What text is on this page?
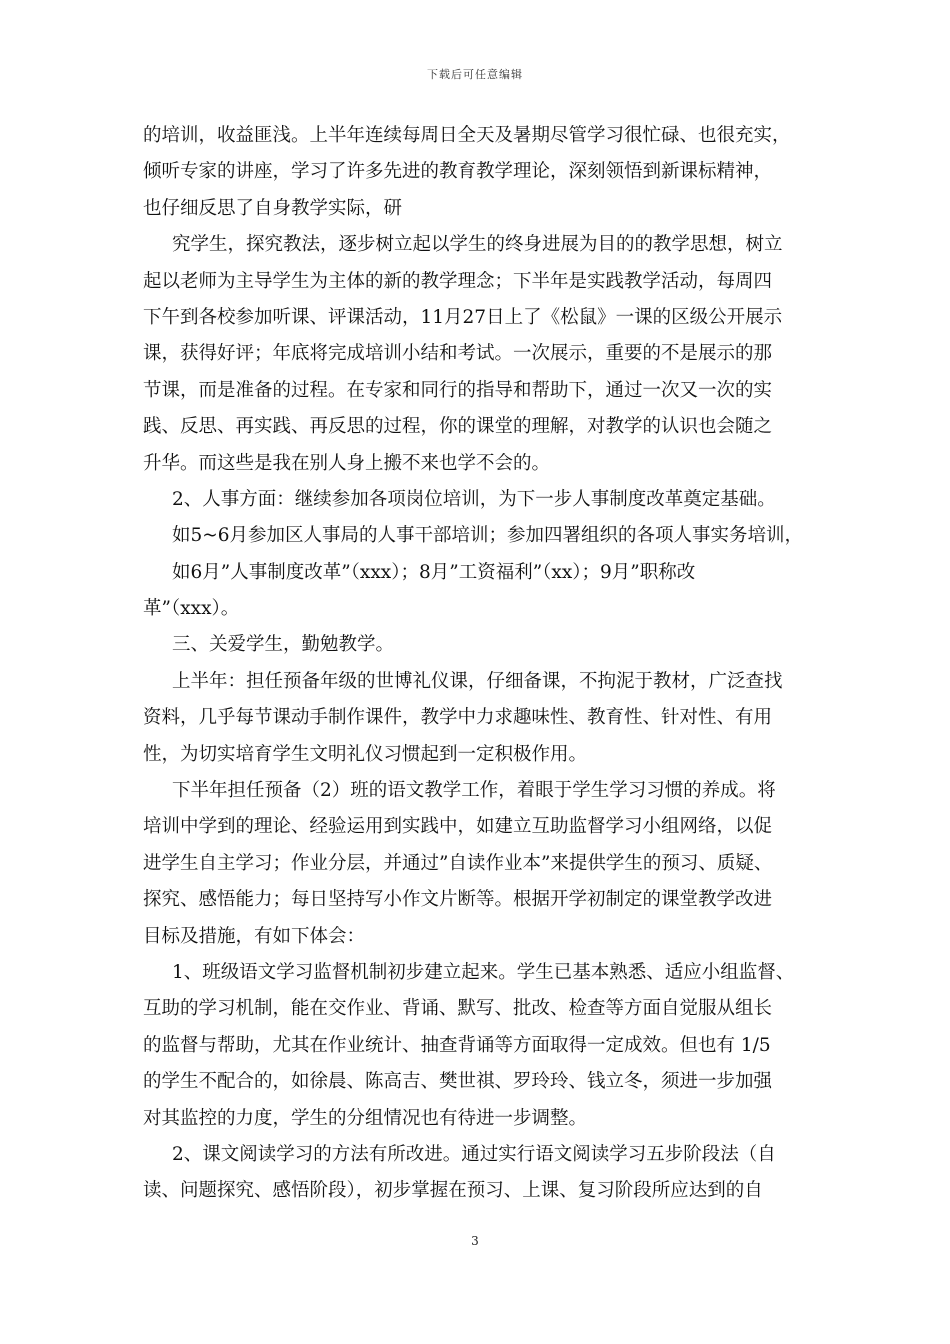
下载后可任意编辑
的培训，收益匪浅。上半年连续每周日全天及暑期尽管学习很忙碌、也很充实，
倾听专家的讲座，学习了许多先进的教育教学理论，深刻领悟到新课标精神，
也仔细反思了自身教学实际，研
究学生，探究教法，逐步树立起以学生的终身进展为目的的教学思想，树立
起以老师为主导学生为主体的新的教学理念；下半年是实践教学活动，每周四
下午到各校参加听课、评课活动，11月27日上了《松鼠》一课的区级公开展示
课，获得好评；年底将完成培训小结和考试。一次展示，重要的不是展示的那
节课，而是准备的过程。在专家和同行的指导和帮助下，通过一次又一次的实
践、反思、再实践、再反思的过程，你的课堂的理解，对教学的认识也会随之
升华。而这些是我在别人身上搬不来也学不会的。
2、人事方面：继续参加各项岗位培训，为下一步人事制度改革奠定基础。
如5~6月参加区人事局的人事干部培训；参加四署组织的各项人事实务培训，
如6月”人事制度改革”（xxx）；8月”工资福利”（xx）；9月”职称改
革”（xxx）。
三、关爱学生，勤勉教学。
上半年：担任预备年级的世博礼仪课，仔细备课，不拘泥于教材，广泛查找
资料，几乎每节课动手制作课件，教学中力求趣味性、教育性、针对性、有用
性，为切实培育学生文明礼仪习惯起到一定积极作用。
下半年担任预备（2）班的语文教学工作，着眼于学生学习习惯的养成。将
培训中学到的理论、经验运用到实践中，如建立互助监督学习小组网络，以促
进学生自主学习；作业分层，并通过”自读作业本”来提供学生的预习、质疑、
探究、感悟能力；每日坚持写小作文片断等。根据开学初制定的课堂教学改进
目标及措施，有如下体会：
1、班级语文学习监督机制初步建立起来。学生已基本熟悉、适应小组监督、
互助的学习机制，能在交作业、背诵、默写、批改、检查等方面自觉服从组长
的监督与帮助，尤其在作业统计、抽查背诵等方面取得一定成效。但也有 1/5
的学生不配合的，如徐晨、陈高吉、樊世祺、罗玲玲、钱立冬，须进一步加强
对其监控的力度，学生的分组情况也有待进一步调整。
2、课文阅读学习的方法有所改进。通过实行语文阅读学习五步阶段法（自
读、问题探究、感悟阶段），初步掌握在预习、上课、复习阶段所应达到的自
3
